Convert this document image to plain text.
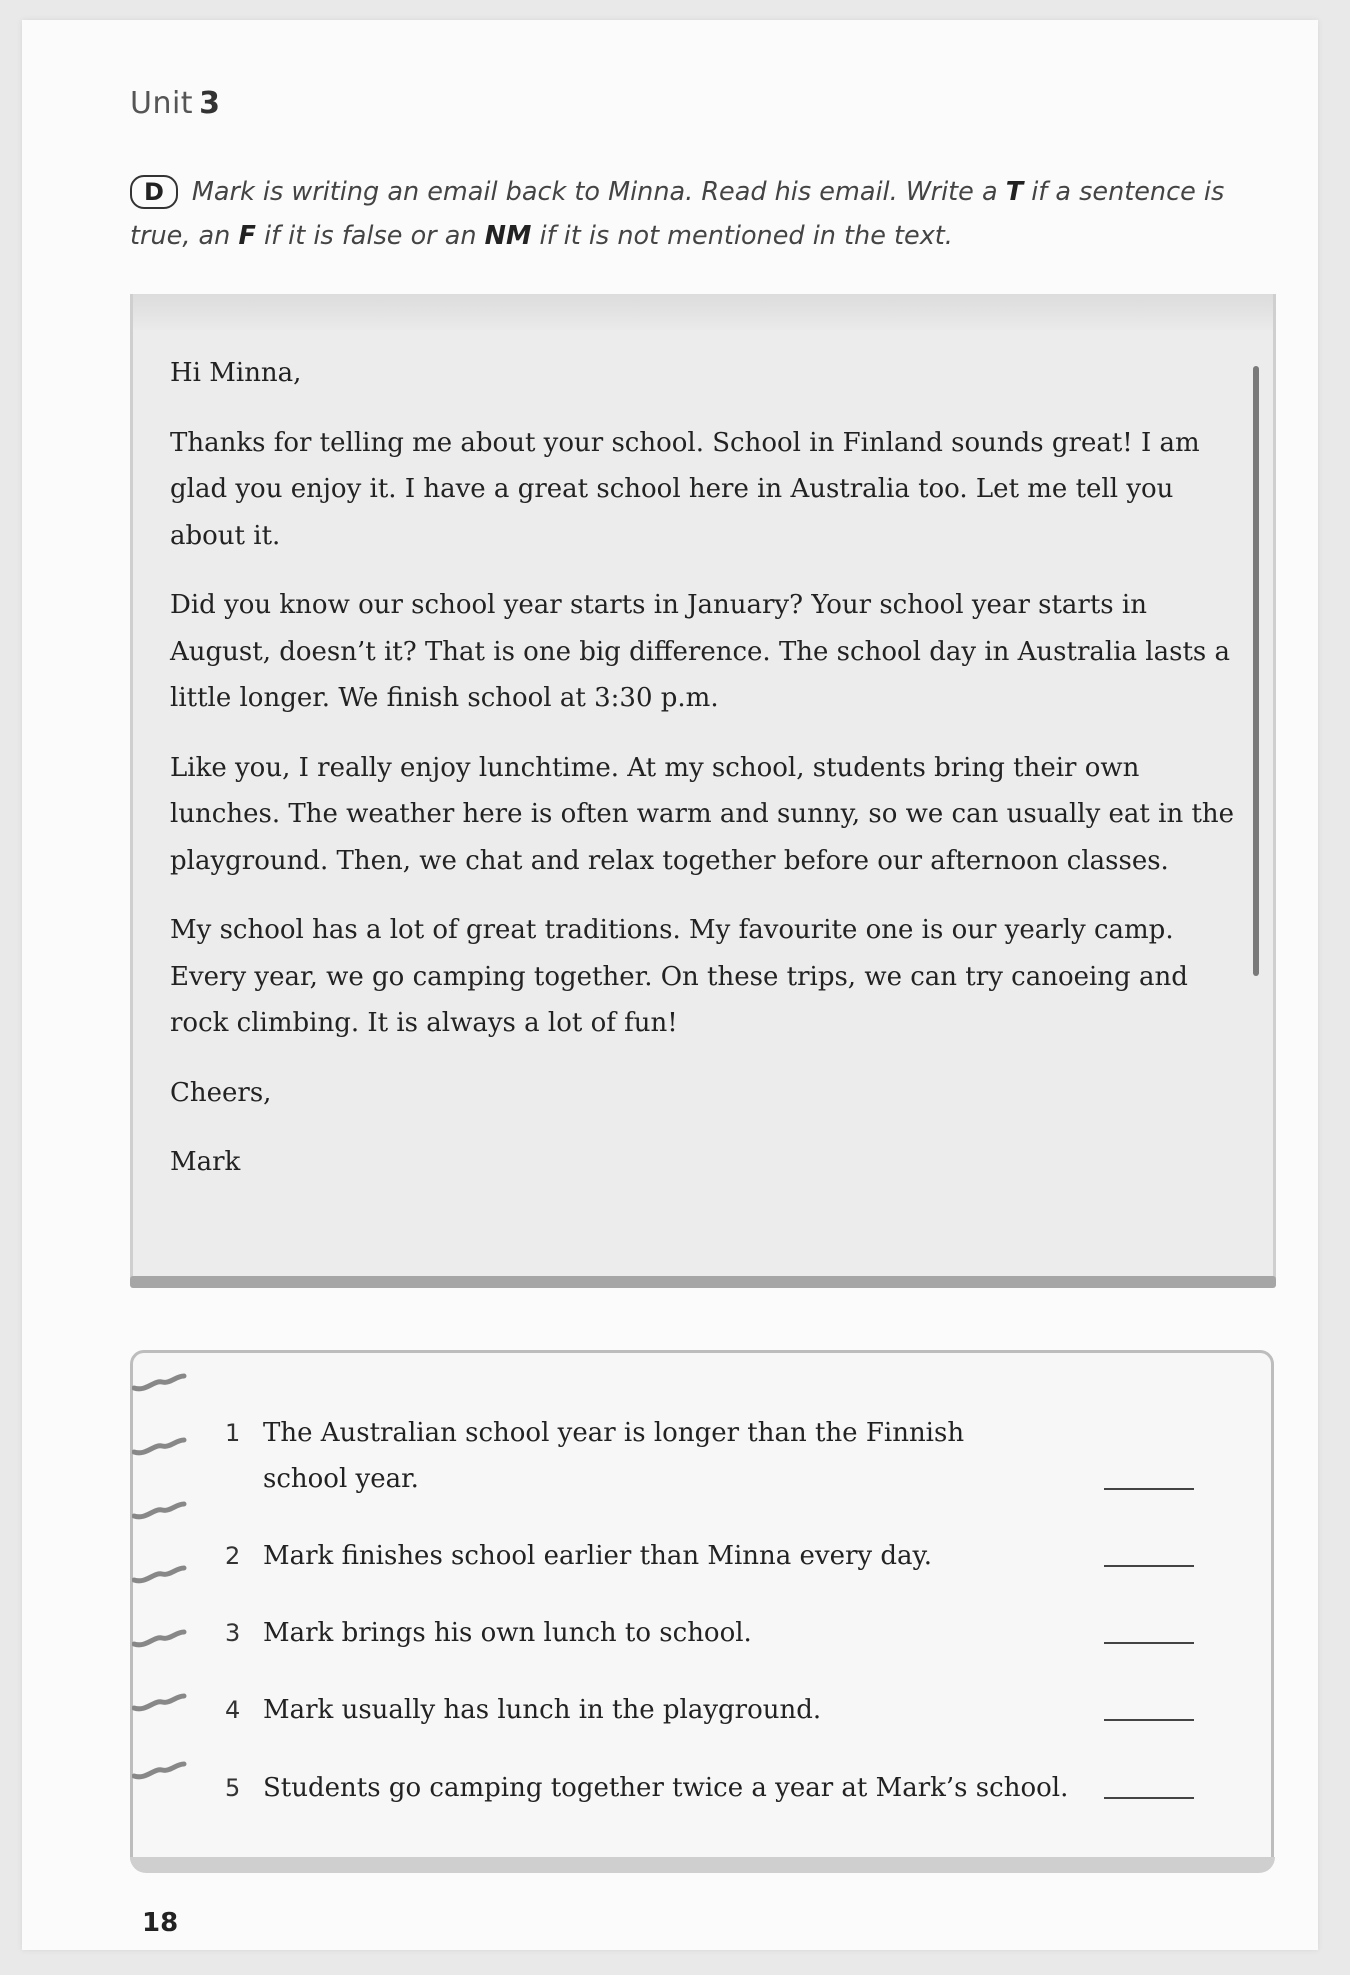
Unit 3
D Mark is writing an email back to Minna. Read his email. Write a T if a sentence is true, an F if it is false or an NM if it is not mentioned in the text.

Hi Minna,

Thanks for telling me about your school. School in Finland sounds great! I am glad you enjoy it. I have a great school here in Australia too. Let me tell you about it.

Did you know our school year starts in January? Your school year starts in August, doesn’t it? That is one big difference. The school day in Australia lasts a little longer. We finish school at 3:30 p.m.

Like you, I really enjoy lunchtime. At my school, students bring their own lunches. The weather here is often warm and sunny, so we can usually eat in the playground. Then, we chat and relax together before our afternoon classes.

My school has a lot of great traditions. My favourite one is our yearly camp. Every year, we go camping together. On these trips, we can try canoeing and rock climbing. It is always a lot of fun!

Cheers,

Mark

1 The Australian school year is longer than the Finnish school year.
2 Mark finishes school earlier than Minna every day.
3 Mark brings his own lunch to school.
4 Mark usually has lunch in the playground.
5 Students go camping together twice a year at Mark’s school.
18
